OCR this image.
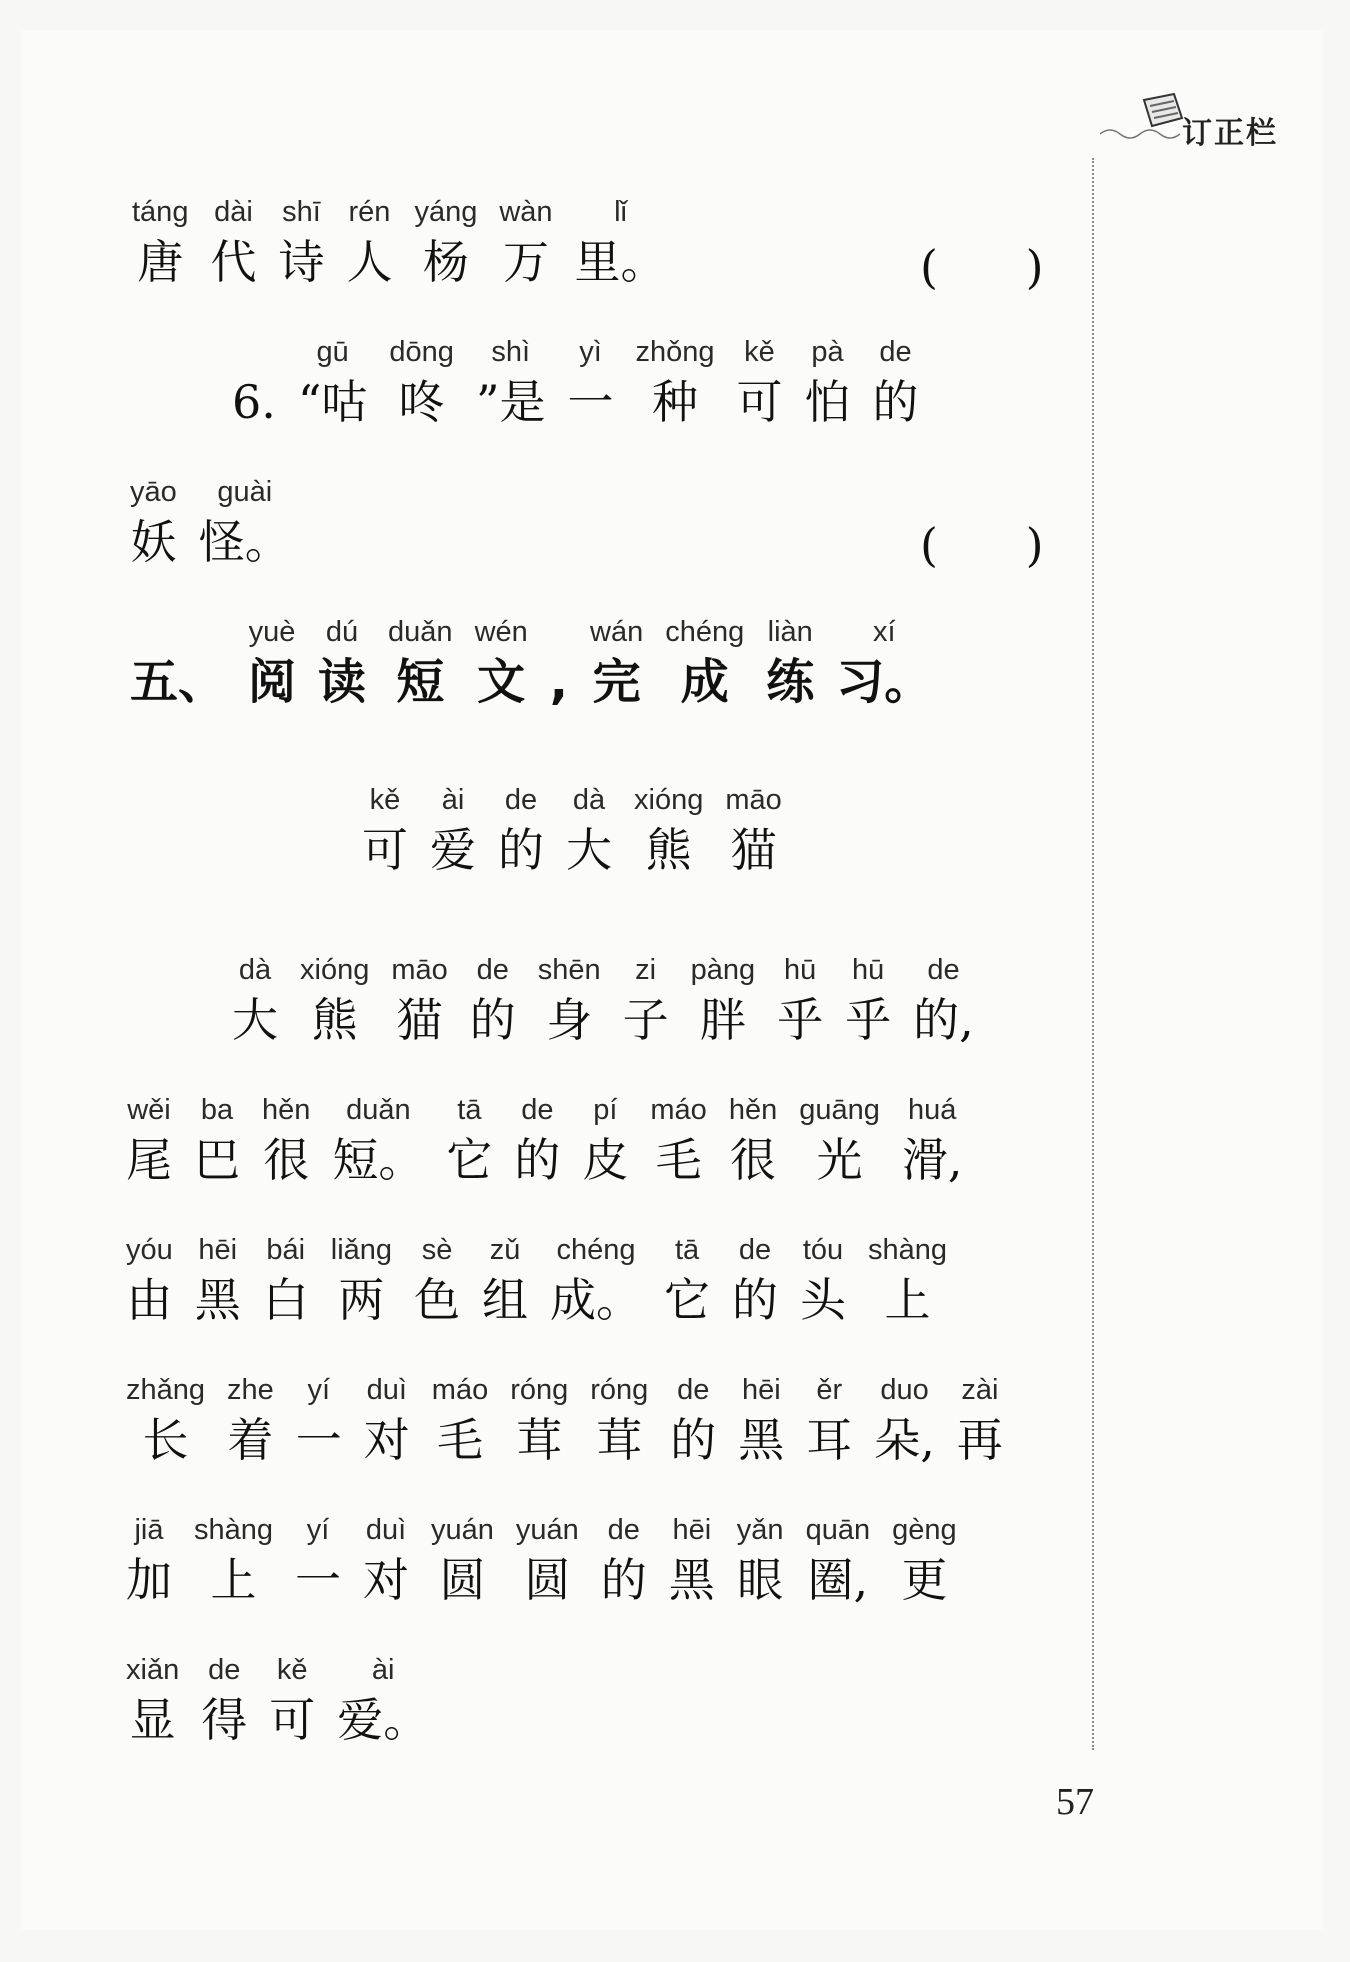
订正栏
táng
唐
dài
代
shī
诗
rén
人
yáng
杨
wàn
万
lǐ
里。
6.
gū
“咕
dōng
咚
shì
”是
yì
一
zhǒng
种
kě
可
pà
怕
de
的
yāo
妖
guài
怪。
五、
yuè
阅
dú
读
duǎn
短
wén
文 ,
wán
完
chéng
成
liàn
练
xí
习。
kě
可
ài
爱
de
的
dà
大
xióng
熊
māo
猫
dà
大
xióng
熊
māo
猫
de
的
shēn
身
zi
子
pàng
胖
hū
乎
hū
乎
de
的,
wěi
尾
ba
巴
hěn
很
duǎn
短。
tā
它
de
的
pí
皮
máo
毛
hěn
很
guāng
光
huá
滑,
yóu
由
hēi
黑
bái
白
liǎng
两
sè
色
zǔ
组
chéng
成。
tā
它
de
的
tóu
头
shàng
上
zhǎng
长
zhe
着
yí
一
duì
对
máo
毛
róng
茸
róng
茸
de
的
hēi
黑
ěr
耳
duo
朵,
zài
再
jiā
加
shàng
上
yí
一
duì
对
yuán
圆
yuán
圆
de
的
hēi
黑
yǎn
眼
quān
圈,
gèng
更
xiǎn
显
de
得
kě
可
ài
爱。
57
(      )
(      )
